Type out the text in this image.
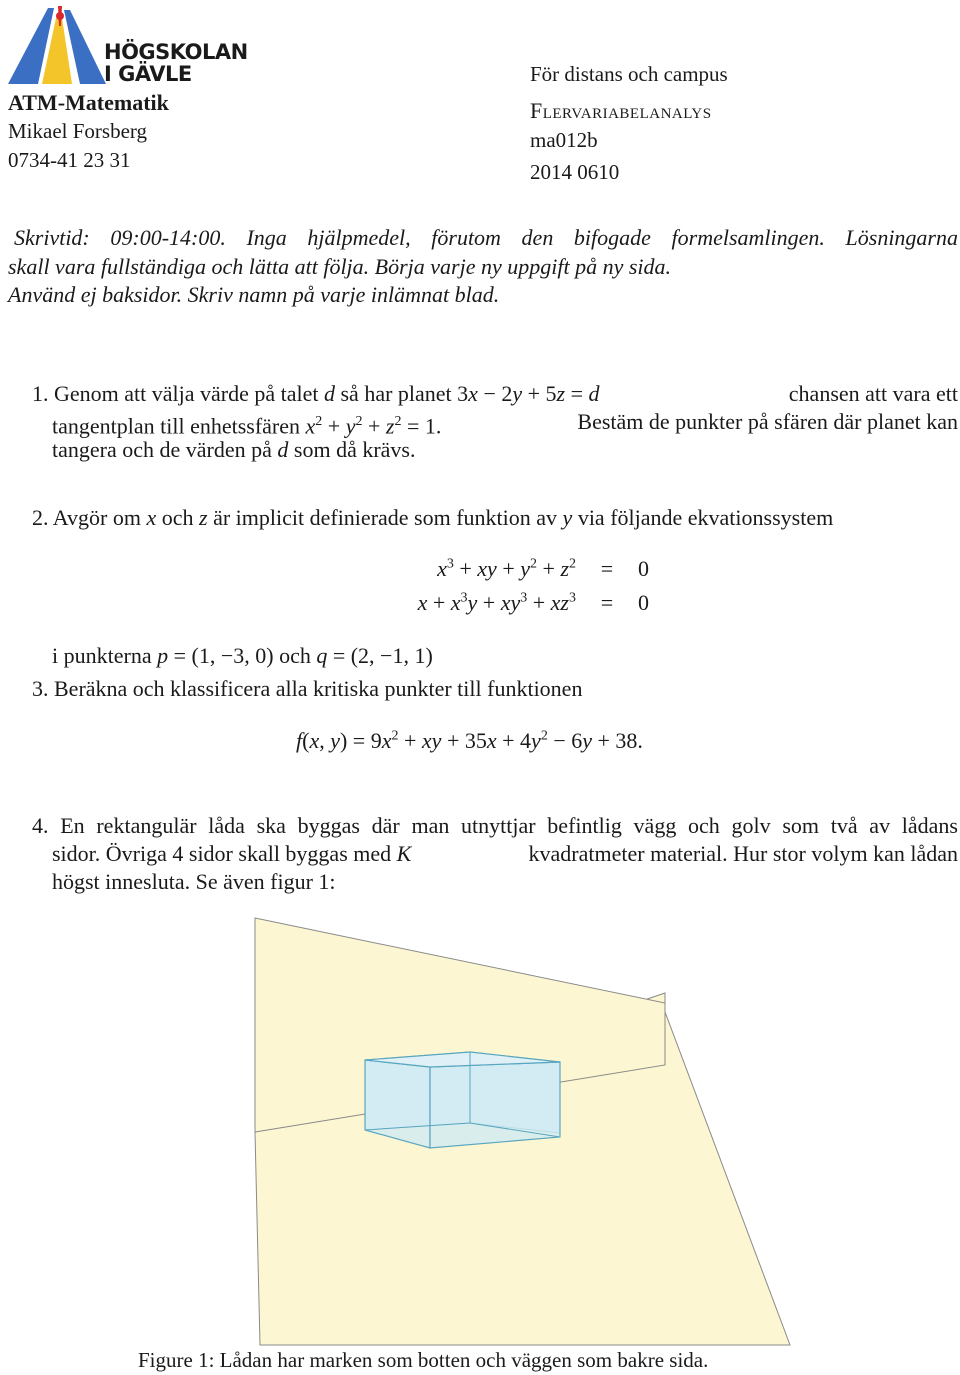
HÖGSKOLAN
I GÄVLE
ATM-Matematik
Mikael Forsberg
0734-41 23 31
För distans och campus
Flervariabelanalys
ma012b
2014 0610
Skrivtid: 09:00-14:00. Inga hjälpmedel, förutom den bifogade formelsamlingen. Lösningarna
skall vara fullständiga och lätta att följa. Börja varje ny uppgift på ny sida.
Använd ej baksidor. Skriv namn på varje inlämnat blad.
1. Genom att välja värde på talet d så har planet 3x − 2y + 5z = d	chansen att vara ett
tangentplan till enhetssfären $x^2 + y^2 + z^2 = 1$.	Bestäm de punkter på sfären där planet kan
tangera och de värden på d som då krävs.
2. Avgör om x och z är implicit definierade som funktion av y via följande ekvationssystem
$x^3$ + xy + $y^2 + z^2$	=	0
$x + x^3y + xy^3 + xz^3$	=	0
i punkterna p = (1, −3, 0) och q = (2, −1, 1)
3. Beräkna och klassificera alla kritiska punkter till funktionen
f(x, $y) = 9x^2$ + xy + $35x + 4y^2 - 6y + 38$.
4. En rektangulär låda ska byggas där man utnyttjar befintlig vägg och golv som två av lådans
sidor. Övriga 4 sidor skall byggas med K	kvadratmeter material. Hur stor volym kan lådan
högst innesluta. Se även figur 1:
Figure 1: Lådan har marken som botten och väggen som bakre sida.
